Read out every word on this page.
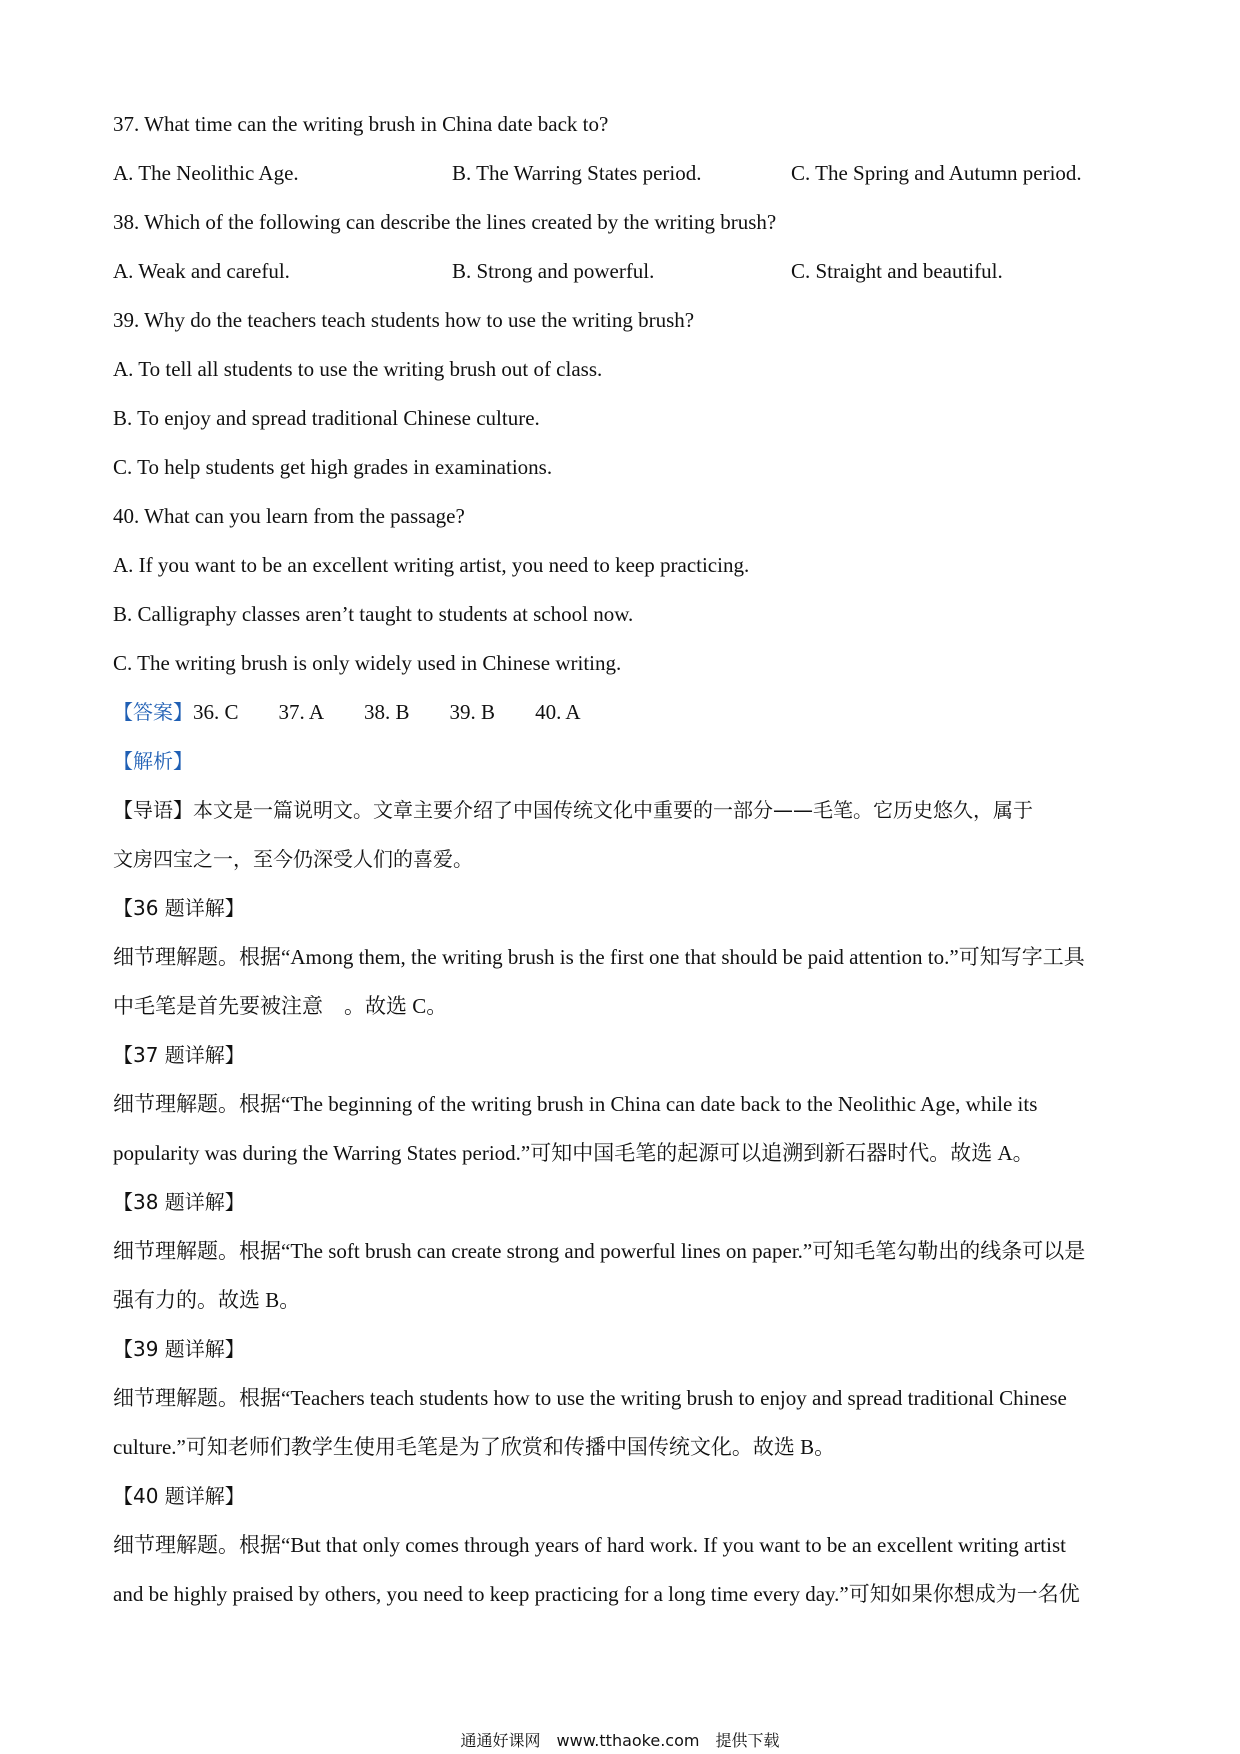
37. What time can the writing brush in China date back to?
A. The Neolithic Age.	B. The Warring States period.	C. The Spring and Autumn period.
38. Which of the following can describe the lines created by the writing brush?
A. Weak and careful.	B. Strong and powerful.	C. Straight and beautiful.
39. Why do the teachers teach students how to use the writing brush?
A. To tell all students to use the writing brush out of class.
B. To enjoy and spread traditional Chinese culture.
C. To help students get high grades in examinations.
40. What can you learn from the passage?
A. If you want to be an excellent writing artist, you need to keep practicing.
B. Calligraphy classes aren’t taught to students at school now.
C. The writing brush is only widely used in Chinese writing.
【答案】36. C 37. A 38. B 39. B 40. A
【解析】
【导语】本文是一篇说明文。文章主要介绍了中国传统文化中重要的一部分——毛笔。它历史悠久，属于
文房四宝之一，至今仍深受人们的喜爱。
【36 题详解】
细节理解题。根据“Among them, the writing brush is the first one that should be paid attention to.”可知写字工具
中毛笔是首先要被注意　。故选 C。
【37 题详解】
细节理解题。根据“The beginning of the writing brush in China can date back to the Neolithic Age, while its
popularity was during the Warring States period.”可知中国毛笔的起源可以追溯到新石器时代。故选 A。
【38 题详解】
细节理解题。根据“The soft brush can create strong and powerful lines on paper.”可知毛笔勾勒出的线条可以是
强有力的。故选 B。
【39 题详解】
细节理解题。根据“Teachers teach students how to use the writing brush to enjoy and spread traditional Chinese
culture.”可知老师们教学生使用毛笔是为了欣赏和传播中国传统文化。故选 B。
【40 题详解】
细节理解题。根据“But that only comes through years of hard work. If you want to be an excellent writing artist
and be highly praised by others, you need to keep practicing for a long time every day.”可知如果你想成为一名优
通通好课网　www.tthaoke.com　提供下载
